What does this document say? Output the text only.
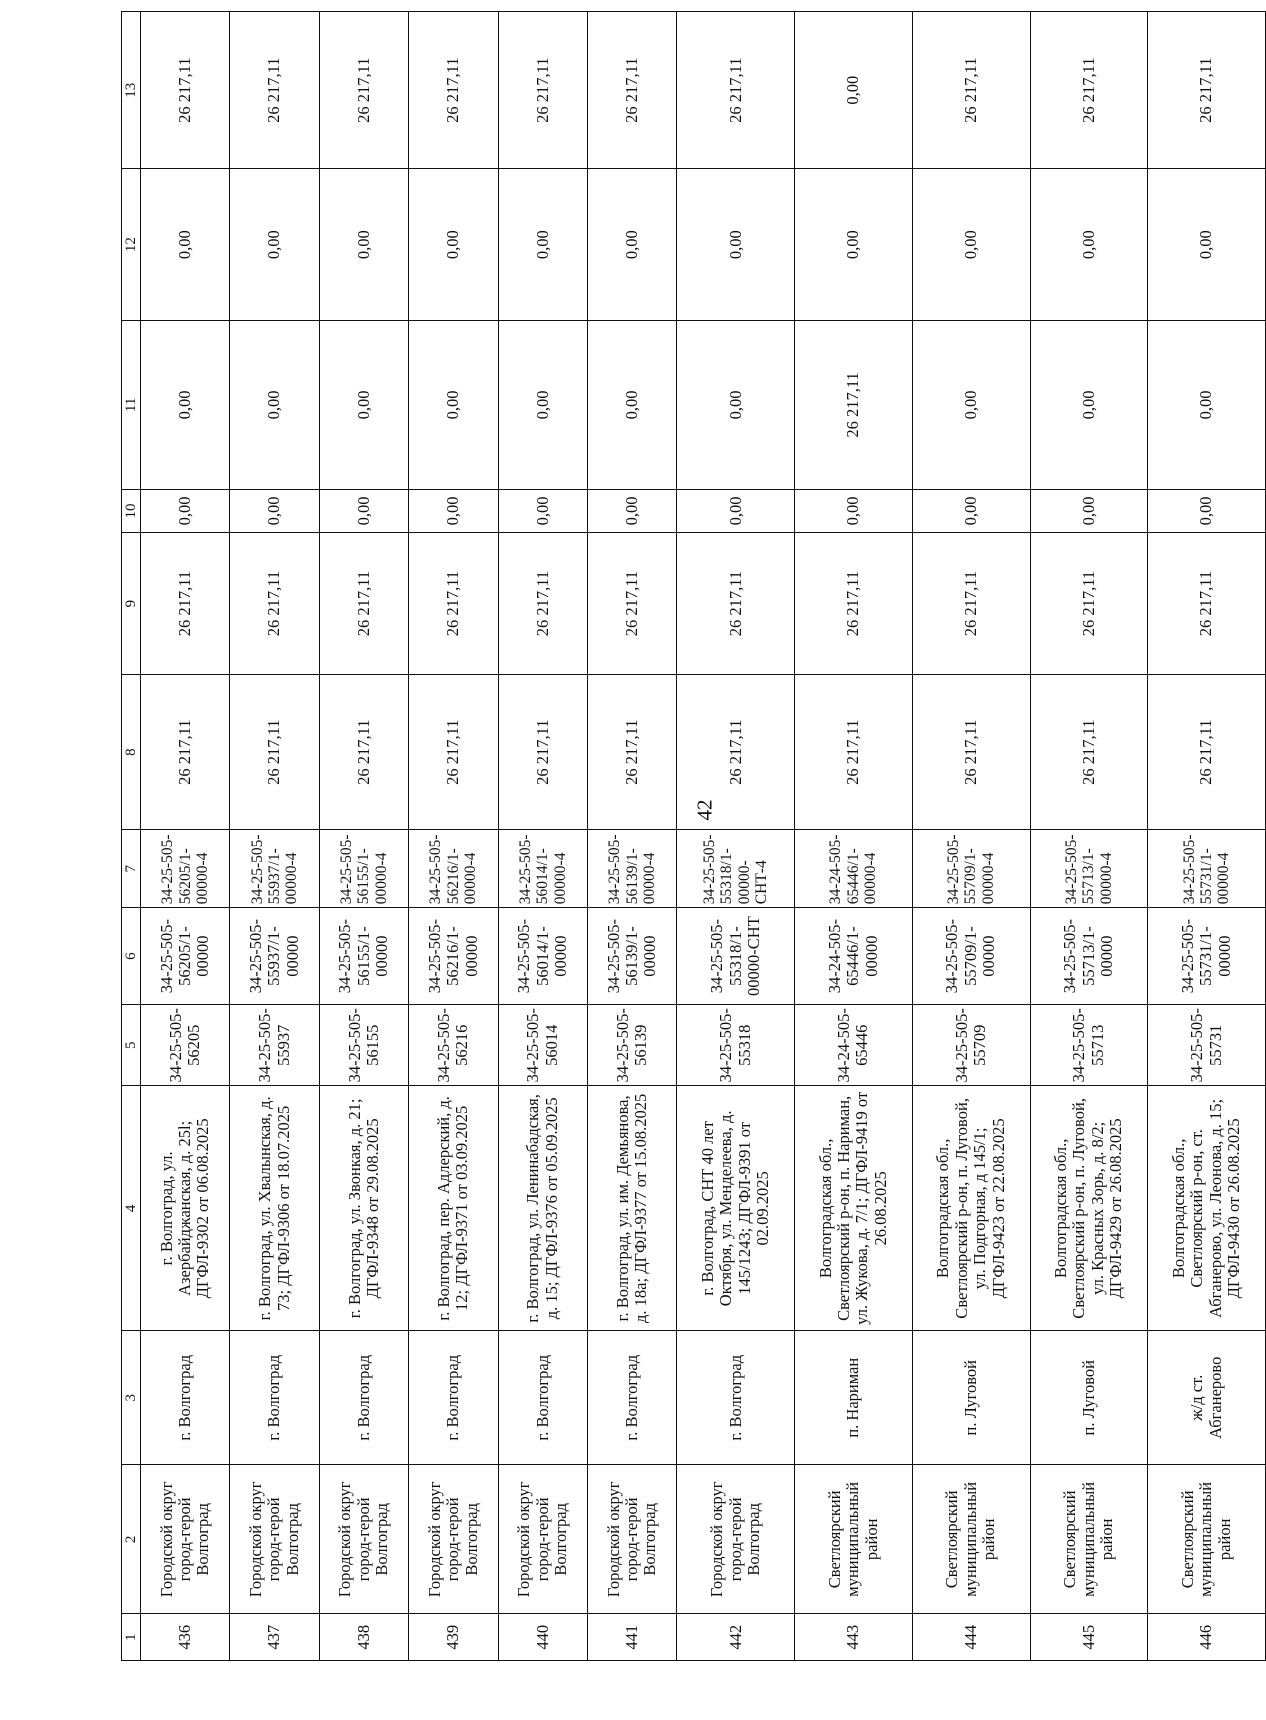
42
1	2	3	4	5	6	7	8	9	10	11	12	13
436	Городской округ город-герой Волгоград	г. Волгоград	г. Волгоград, ул. Азербайджанская, д. 25l; ДГФЛ-9302 от 06.08.2025	34-25-505-56205	34-25-505-56205/1-00000	34-25-505-56205/1-00000-4	26 217,11	26 217,11	0,00	0,00	0,00	26 217,11
437	Городской округ город-герой Волгоград	г. Волгоград	г. Волгоград, ул. Хвалынская, д. 73; ДГФЛ-9306 от 18.07.2025	34-25-505-55937	34-25-505-55937/1-00000	34-25-505-55937/1-00000-4	26 217,11	26 217,11	0,00	0,00	0,00	26 217,11
438	Городской округ город-герой Волгоград	г. Волгоград	г. Волгоград, ул. Звонкая, д. 21; ДГФЛ-9348 от 29.08.2025	34-25-505-56155	34-25-505-56155/1-00000	34-25-505-56155/1-00000-4	26 217,11	26 217,11	0,00	0,00	0,00	26 217,11
439	Городской округ город-герой Волгоград	г. Волгоград	г. Волгоград, пер. Адлерский, д. 12; ДГФЛ-9371 от 03.09.2025	34-25-505-56216	34-25-505-56216/1-00000	34-25-505-56216/1-00000-4	26 217,11	26 217,11	0,00	0,00	0,00	26 217,11
440	Городской округ город-герой Волгоград	г. Волгоград	г. Волгоград, ул. Ленинабадская, д. 15; ДГФЛ-9376 от 05.09.2025	34-25-505-56014	34-25-505-56014/1-00000	34-25-505-56014/1-00000-4	26 217,11	26 217,11	0,00	0,00	0,00	26 217,11
441	Городской округ город-герой Волгоград	г. Волгоград	г. Волгоград, ул. им. Демьянова, д. 18а; ДГФЛ-9377 от 15.08.2025	34-25-505-56139	34-25-505-56139/1-00000	34-25-505-56139/1-00000-4	26 217,11	26 217,11	0,00	0,00	0,00	26 217,11
442	Городской округ город-герой Волгоград	г. Волгоград	г. Волгоград, СНТ 40 лет Октября, ул. Менделеева, д. 145/1243; ДГФЛ-9391 от 02.09.2025	34-25-505-55318	34-25-505-55318/1-00000-СНТ	34-25-505-55318/1-00000-СНТ-4	26 217,11	26 217,11	0,00	0,00	0,00	26 217,11
443	Светлоярский муниципальный район	п. Нариман	Волгоградская обл., Светлоярский р-он, п. Нариман, ул. Жукова, д. 7/1; ДГФЛ-9419 от 26.08.2025	34-24-505-65446	34-24-505-65446/1-00000	34-24-505-65446/1-00000-4	26 217,11	26 217,11	0,00	26 217,11	0,00	0,00
444	Светлоярский муниципальный район	п. Луговой	Волгоградская обл., Светлоярский р-он, п. Луговой, ул. Подгорная, д 145/1; ДГФЛ-9423 от 22.08.2025	34-25-505-55709	34-25-505-55709/1-00000	34-25-505-55709/1-00000-4	26 217,11	26 217,11	0,00	0,00	0,00	26 217,11
445	Светлоярский муниципальный район	п. Луговой	Волгоградская обл., Светлоярский р-он, п. Луговой, ул. Красных Зорь, д. 8/2; ДГФЛ-9429 от 26.08.2025	34-25-505-55713	34-25-505-55713/1-00000	34-25-505-55713/1-00000-4	26 217,11	26 217,11	0,00	0,00	0,00	26 217,11
446	Светлоярский муниципальный район	ж/д ст. Абганерово	Волгоградская обл., Светлоярский р-он, ст. Абганерово, ул. Леонова, д. 15; ДГФЛ-9430 от 26.08.2025	34-25-505-55731	34-25-505-55731/1-00000	34-25-505-55731/1-00000-4	26 217,11	26 217,11	0,00	0,00	0,00	26 217,11
